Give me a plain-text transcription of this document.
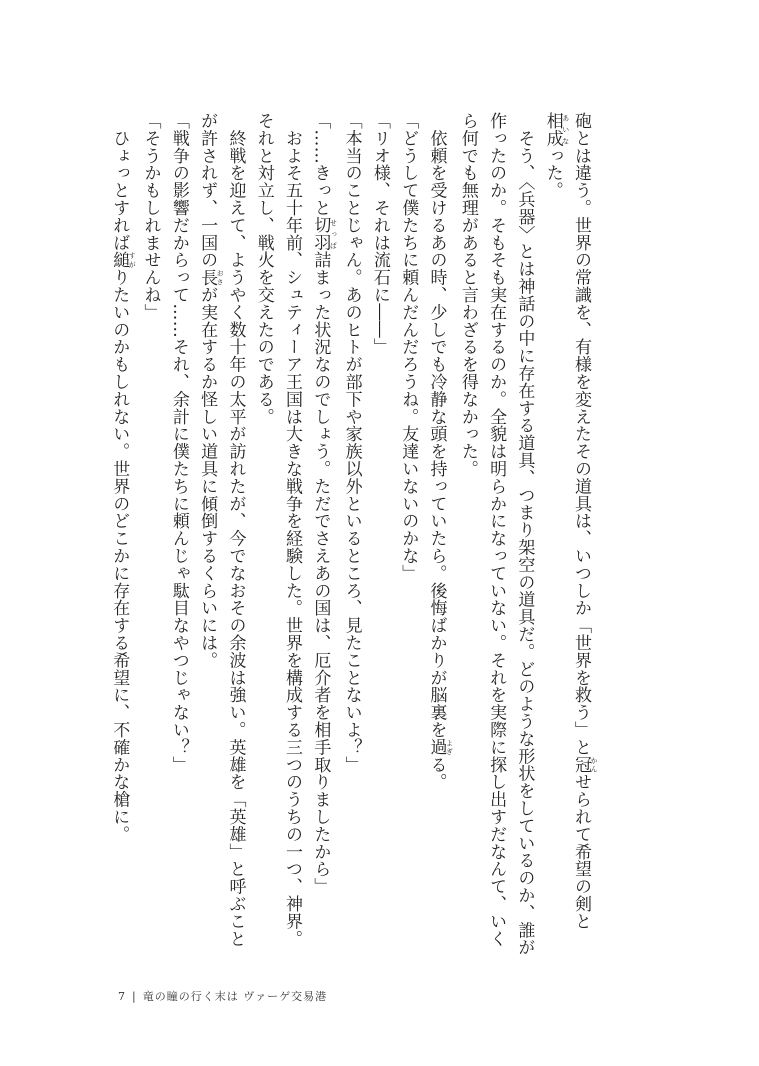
砲とは違う。世界の常識を、有様を変えたその道具は、いつしか「世界を救う」と冠 かんせられて希望の剣と相成 あいなった。

　そう、〈兵器〉とは神話の中に存在する道具、つまり架空の道具だ。どのような形状をしているのか、誰が作ったのか。そもそも実在するのか。全貌は明らかになっていない。それを実際に探し出すだなんて、いくら何でも無理があると言わざるを得なかった。

　依頼を受けるあの時、少しでも冷静な頭を持っていたら。後悔ばかりが脳裏を過 よぎる。

「どうして僕たちに頼んだんだろうね。友達いないのかな」

「リオ様、それは流石に――」

「本当のことじゃん。あのヒトが部下や家族以外といるところ、見たことないよ？」

「……きっと切羽 せっぱ詰まった状況なのでしょう。ただでさえあの国は、厄介者を相手取りましたから」

　およそ五十年前、シュティーア王国は大きな戦争を経験した。世界を構成する三つのうちの一つ、神界。それと対立し、戦火を交えたのである。

　終戦を迎えて、ようやく数十年の太平が訪れたが、今でなおその余波は強い。英雄を「英雄」と呼ぶことが許されず、一国の長 おさが実在するか怪しい道具に傾倒するくらいには。

「戦争の影響だからって……それ、余計に僕たちに頼んじゃ駄目なやつじゃない？」

「そうかもしれませんね」

　ひょっとすれば縋 すがりたいのかもしれない。世界のどこかに存在する希望に、不確かな槍に。

7 | 竜の瞳の行く末は ヴァーゲ交易港
